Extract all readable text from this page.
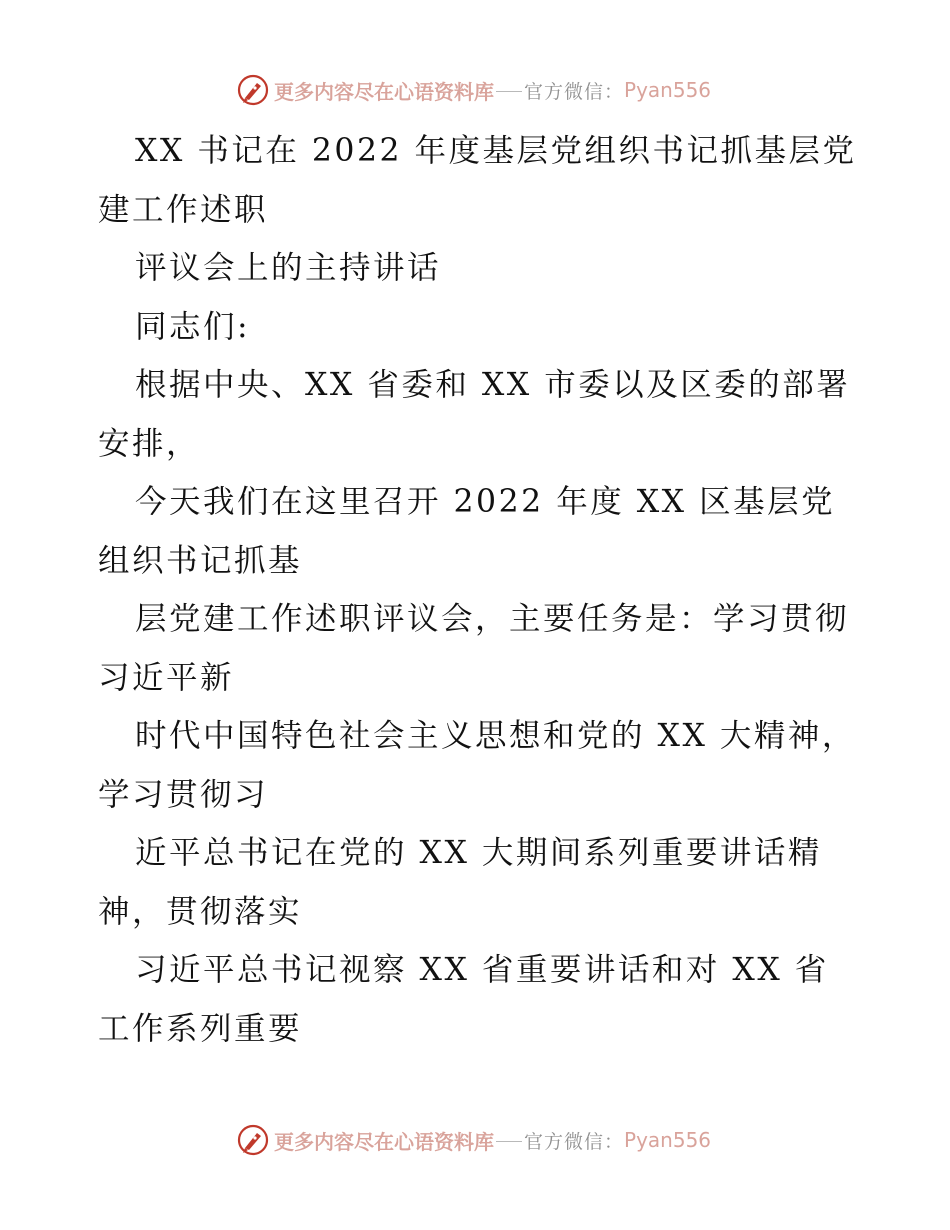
更多内容尽在心语资料库 官方微信： Pyan556

XX 书记在 2022 年度基层党组织书记抓基层党建工作述职

评议会上的主持讲话

同志们:

根据中央、XX 省委和 XX 市委以及区委的部署安排，

今天我们在这里召开 2022 年度 XX 区基层党组织书记抓基

层党建工作述职评议会，主要任务是：学习贯彻习近平新

时代中国特色社会主义思想和党的 XX 大精神，学习贯彻习

近平总书记在党的 XX 大期间系列重要讲话精神，贯彻落实

习近平总书记视察 XX 省重要讲话和对 XX 省工作系列重要

更多内容尽在心语资料库 官方微信： Pyan556
